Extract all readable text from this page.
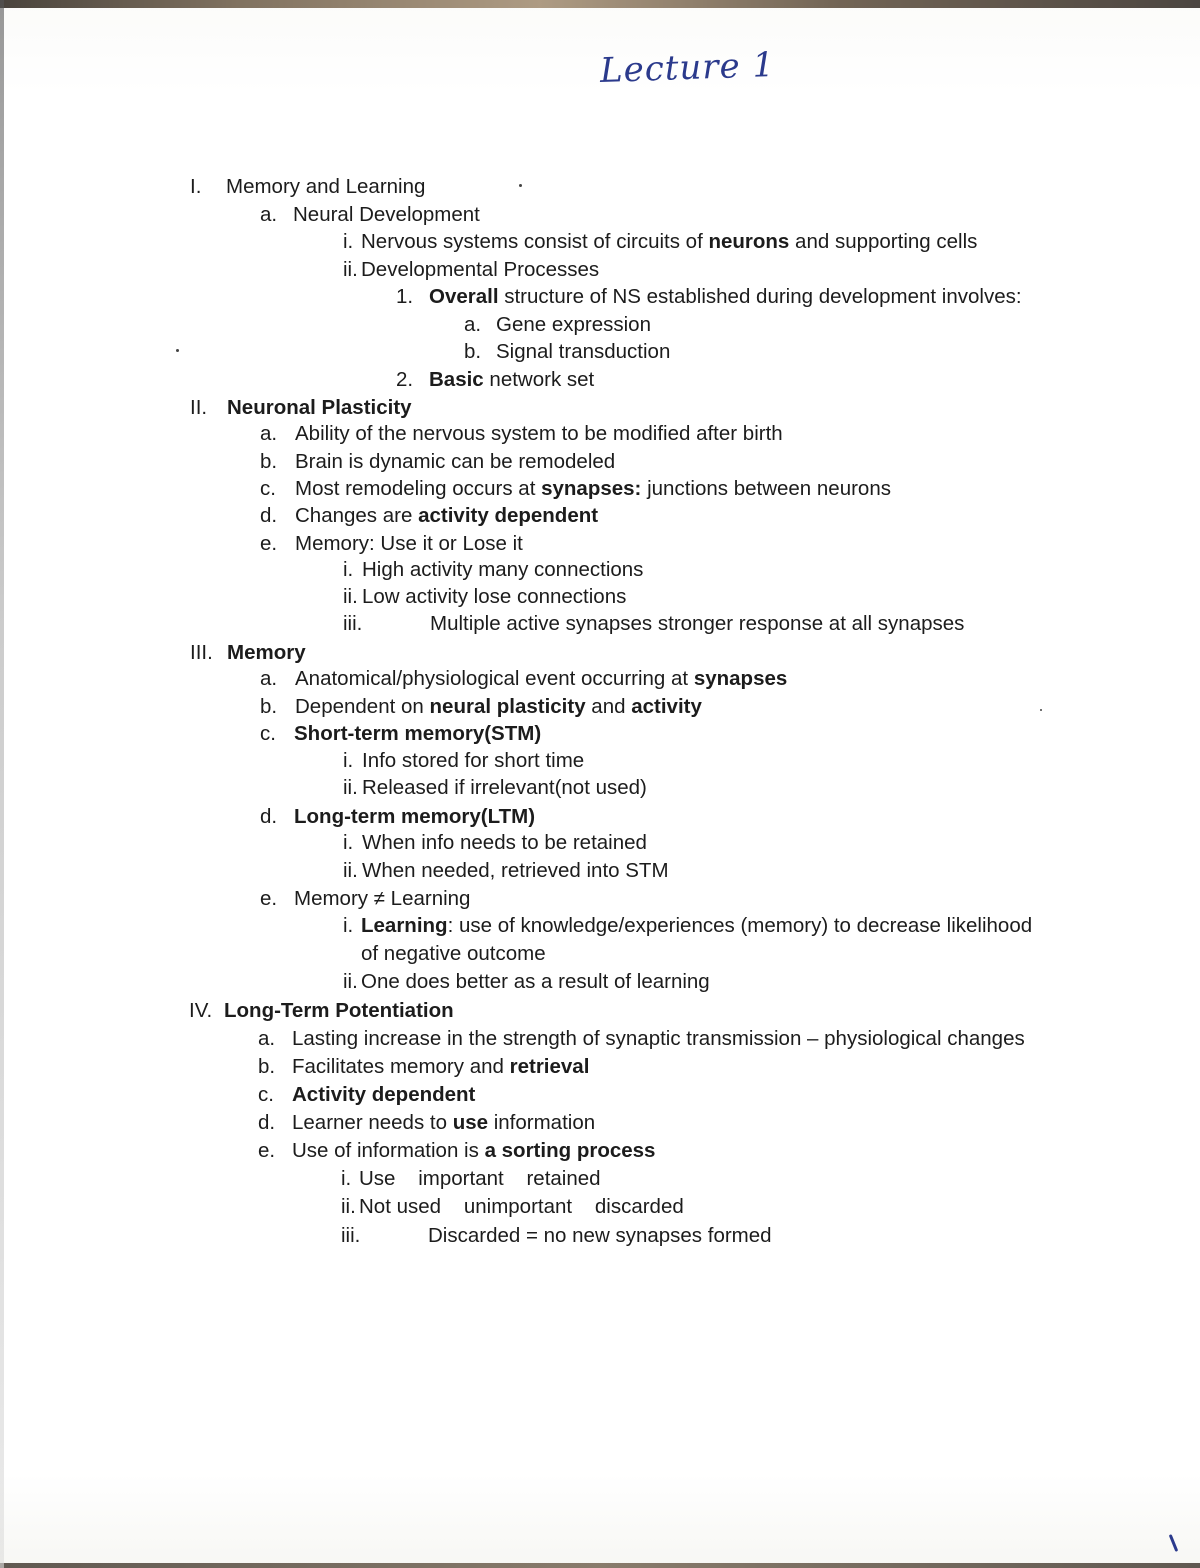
Lecture 1
I. Memory and Learning
a. Neural Development
i. Nervous systems consist of circuits of neurons and supporting cells
ii. Developmental Processes
1. Overall structure of NS established during development involves:
a. Gene expression
b. Signal transduction
2. Basic network set
II. Neuronal Plasticity
a. Ability of the nervous system to be modified after birth
b. Brain is dynamic can be remodeled
c. Most remodeling occurs at synapses: junctions between neurons
d. Changes are activity dependent
e. Memory: Use it or Lose it
i. High activity many connections
ii. Low activity lose connections
iii.	Multiple active synapses stronger response at all synapses
III. Memory
a. Anatomical/physiological event occurring at synapses
b. Dependent on neural plasticity and activity
c. Short-term memory(STM)
i. Info stored for short time
ii. Released if irrelevant(not used)
d. Long-term memory(LTM)
i. When info needs to be retained
ii. When needed, retrieved into STM
e. Memory ≠ Learning
i. Learning: use of knowledge/experiences (memory) to decrease likelihood
of negative outcome
ii. One does better as a result of learning
IV. Long-Term Potentiation
a. Lasting increase in the strength of synaptic transmission – physiological changes
b. Facilitates memory and retrieval
c. Activity dependent
d. Learner needs to use information
e. Use of information is a sorting process
i. Use    important    retained
ii. Not used    unimportant    discarded
iii.	Discarded = no new synapses formed
